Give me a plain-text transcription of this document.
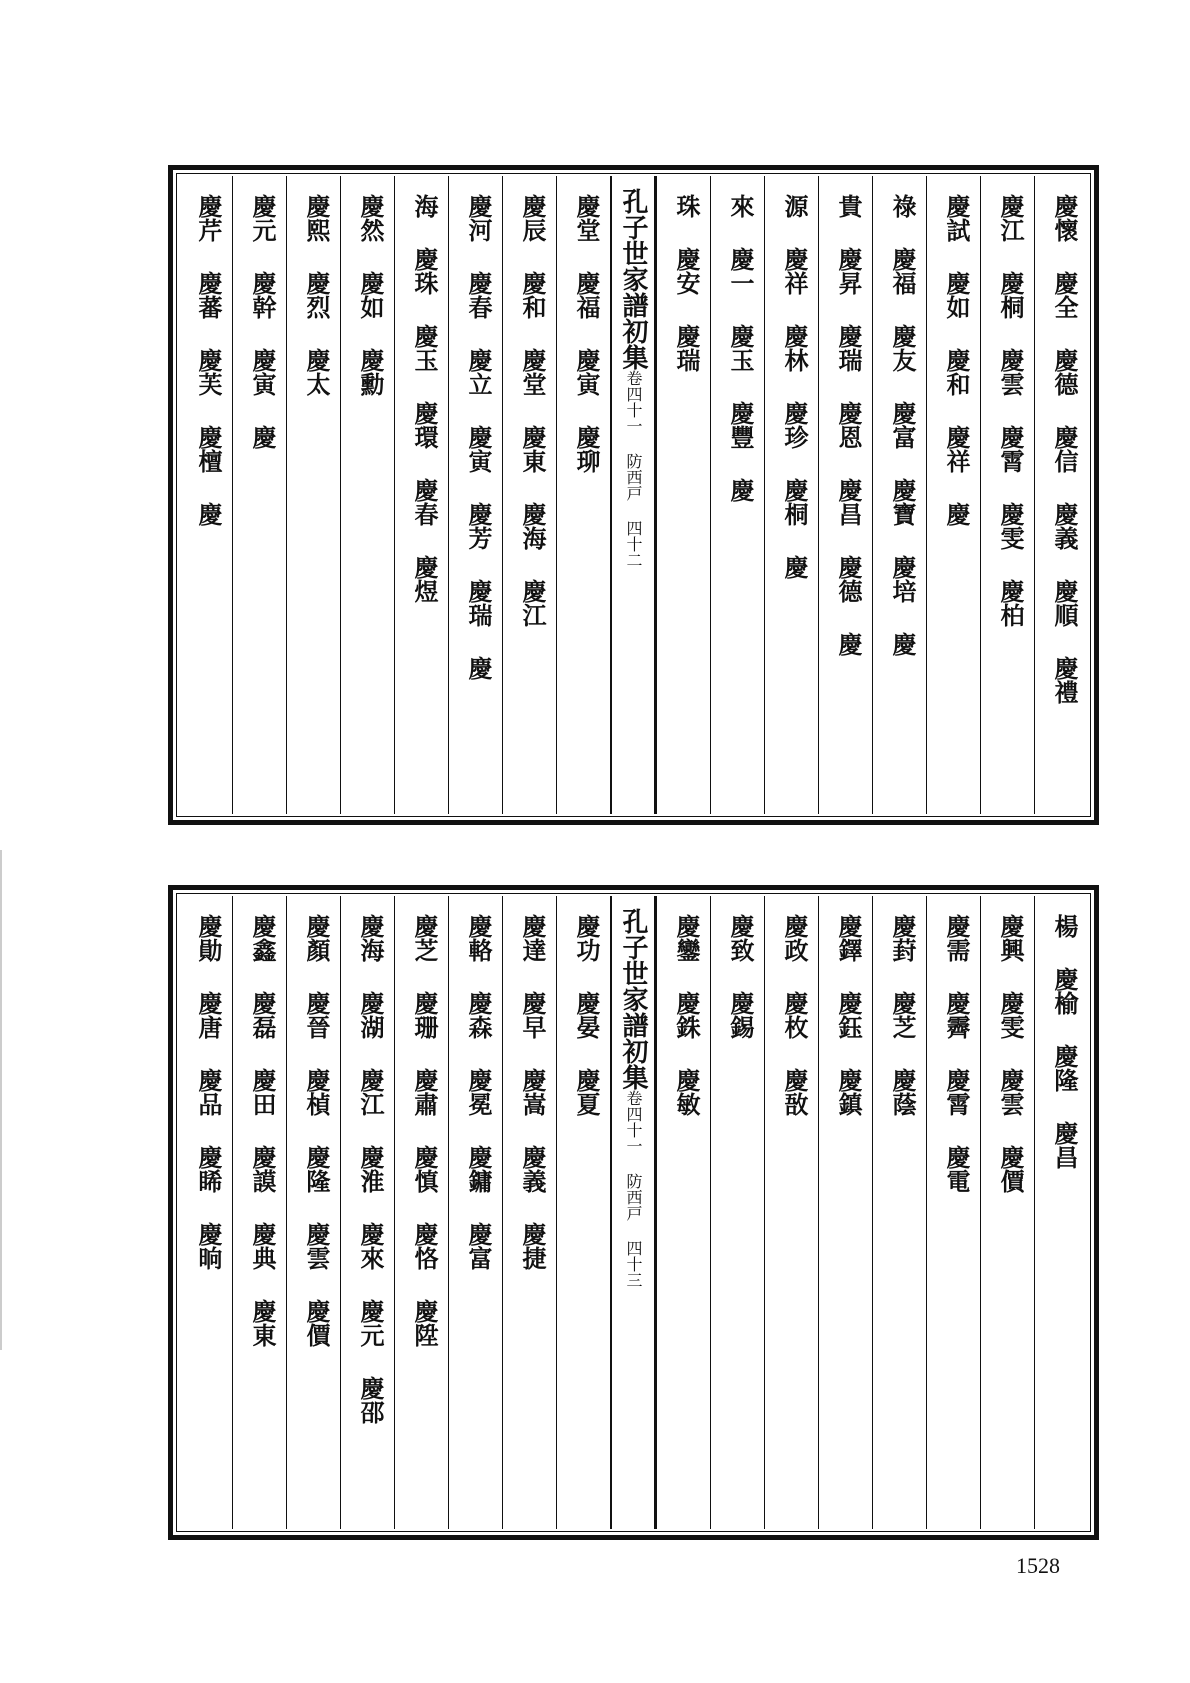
慶懷 慶全 慶德 慶信 慶義 慶順 慶禮
慶江 慶桐 慶雲 慶霄 慶雯 慶柏
慶試 慶如 慶和 慶祥 慶
祿 慶福 慶友 慶富 慶寶 慶培 慶
貴 慶昇 慶瑞 慶恩 慶昌 慶德 慶
源 慶祥 慶林 慶珍 慶桐 慶
來 慶一 慶玉 慶豐 慶
珠 慶安 慶瑞
孔子世家譜初集卷四十一 防西戸 四十二
慶堂 慶福 慶寅 慶珋
慶辰 慶和 慶堂 慶東 慶海 慶江
慶河 慶春 慶立 慶寅 慶芳 慶瑞 慶
海 慶珠 慶玉 慶環 慶春 慶煜
慶然 慶如 慶勳
慶熙 慶烈 慶太
慶元 慶幹 慶寅 慶
慶芹 慶蕃 慶芙 慶檀 慶
楊 慶榆 慶隆 慶昌
慶興 慶雯 慶雲 慶價
慶需 慶霽 慶霄 慶電
慶葑 慶芝 慶蔭
慶鐸 慶鈺 慶鎮
慶政 慶枚 慶敔
慶致 慶錫
慶鑾 慶銖 慶敏
孔子世家譜初集卷四十一 防西戸 四十三
慶功 慶晏 慶夏
慶達 慶早 慶嵩 慶義 慶捷
慶輅 慶森 慶冕 慶鏞 慶富
慶芝 慶珊 慶肅 慶慎 慶恪 慶陞
慶海 慶湖 慶江 慶淮 慶來 慶元 慶邵
慶顏 慶晉 慶楨 慶隆 慶雲 慶價
慶鑫 慶磊 慶田 慶謨 慶典 慶東
慶勛 慶唐 慶品 慶睎 慶晌
1528
